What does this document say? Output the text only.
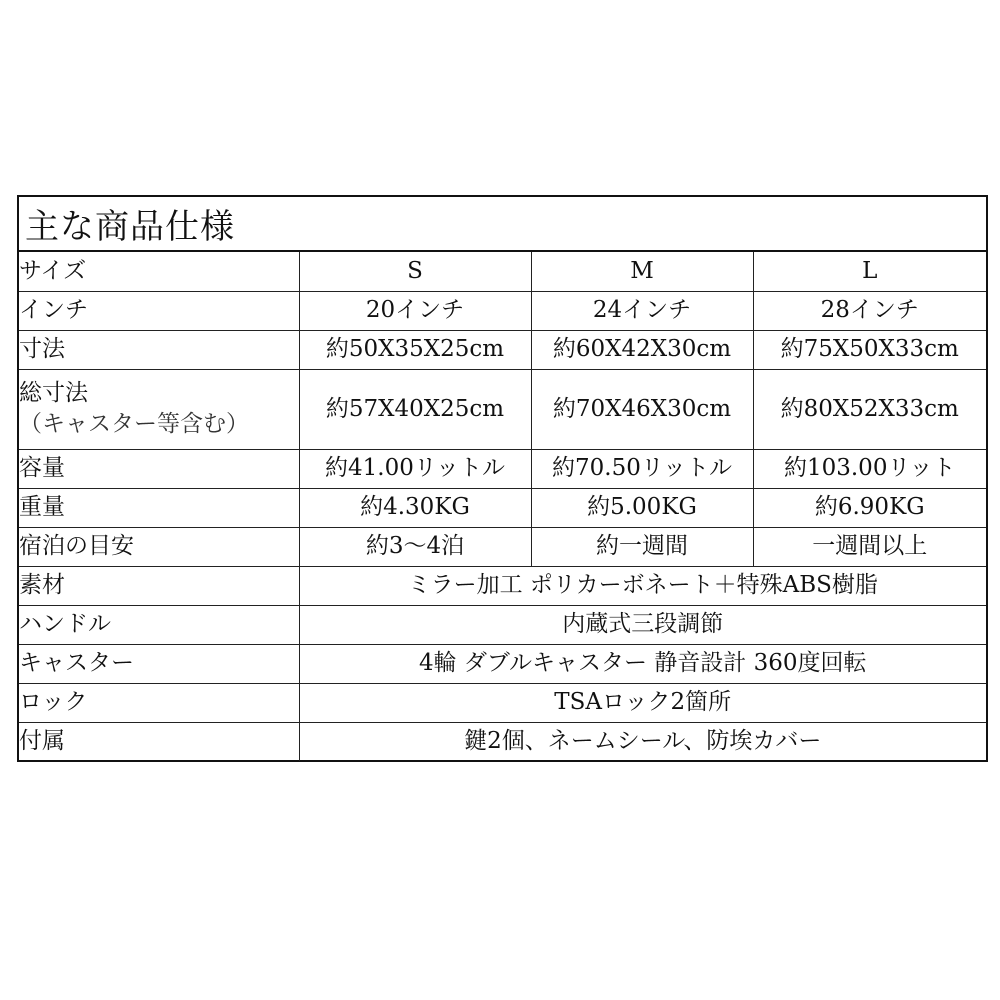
主な商品仕様
サイズ	S	M	L
インチ	20インチ	24インチ	28インチ
寸法	約50X35X25cm	約60X42X30cm	約75X50X33cm

総寸法
（キャスター等含む）	約57X40X25cm	約70X46X30cm	約80X52X33cm
容量	約41.00リットル	約70.50リットル	約103.00リット
重量	約4.30KG	約5.00KG	約6.90KG
宿泊の目安	約3～4泊	約一週間	一週間以上
素材	ミラー加工 ポリカーボネート＋特殊ABS樹脂		
ハンドル	内蔵式三段調節		
キャスター	4輪 ダブルキャスター 静音設計 360度回転		
ロック	TSAロック2箇所		
付属	鍵2個、ネームシール、防埃カバー		
